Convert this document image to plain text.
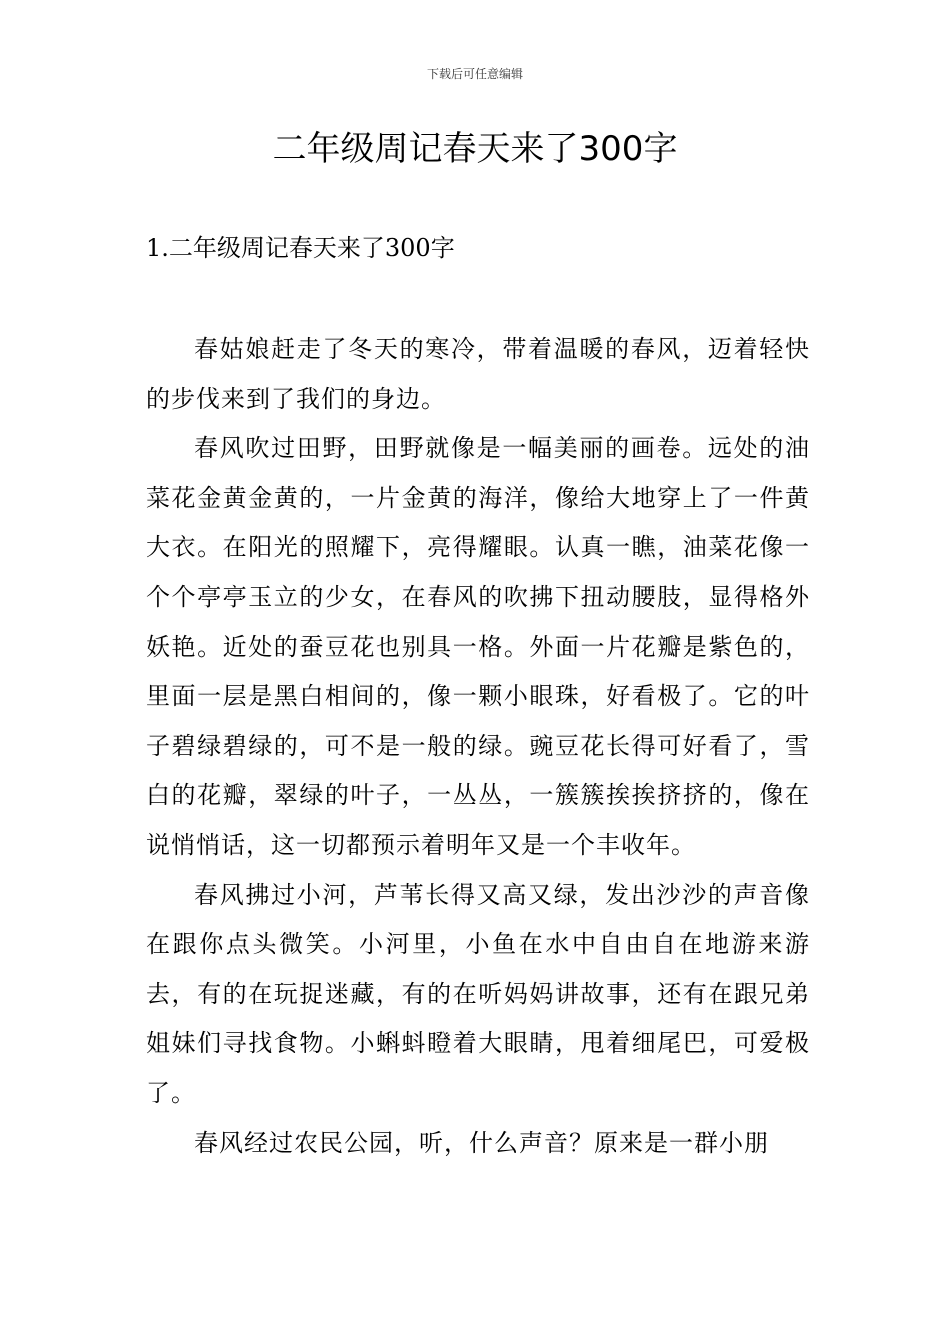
下载后可任意编辑
二年级周记春天来了300字
1.二年级周记春天来了300字

春姑娘赶走了冬天的寒冷，带着温暖的春风，迈着轻快的步伐来到了我们的身边。

春风吹过田野，田野就像是一幅美丽的画卷。远处的油菜花金黄金黄的，一片金黄的海洋，像给大地穿上了一件黄大衣。在阳光的照耀下，亮得耀眼。认真一瞧，油菜花像一个个亭亭玉立的少女，在春风的吹拂下扭动腰肢，显得格外妖艳。近处的蚕豆花也别具一格。外面一片花瓣是紫色的，里面一层是黑白相间的，像一颗小眼珠，好看极了。它的叶子碧绿碧绿的，可不是一般的绿。豌豆花长得可好看了，雪白的花瓣，翠绿的叶子，一丛丛，一簇簇挨挨挤挤的，像在说悄悄话，这一切都预示着明年又是一个丰收年。

春风拂过小河，芦苇长得又高又绿，发出沙沙的声音像在跟你点头微笑。小河里，小鱼在水中自由自在地游来游去，有的在玩捉迷藏，有的在听妈妈讲故事，还有在跟兄弟姐妹们寻找食物。小蝌蚪瞪着大眼睛，甩着细尾巴，可爱极了。

春风经过农民公园，听，什么声音？原来是一群小朋
